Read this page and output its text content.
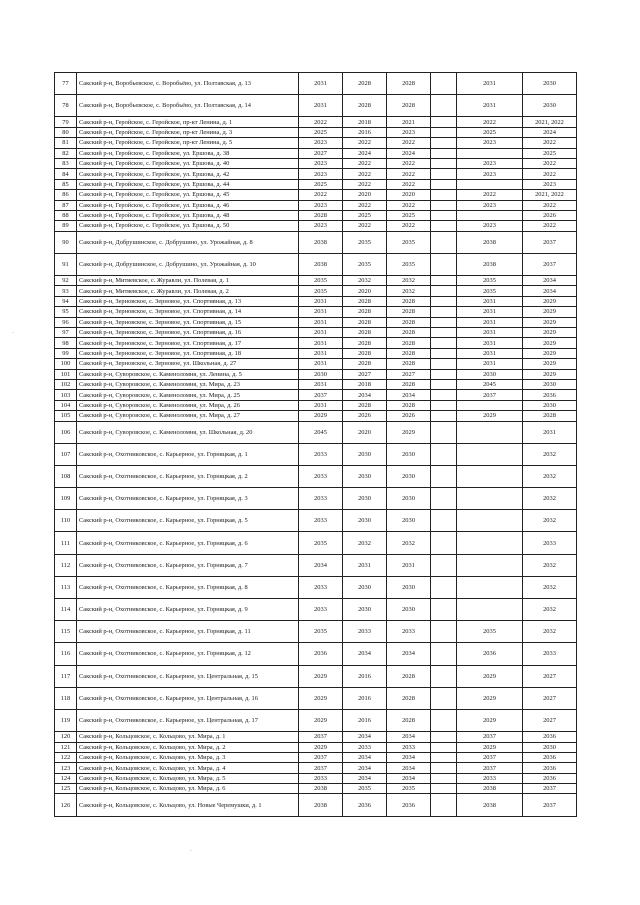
77	Сакский р-н, Воробьевское, с. Воробьёво, ул. Полтавская, д. 13	2031	2028	2028		2031	2030
78	Сакский р-н, Воробьевское, с. Воробьёво, ул. Полтавская, д. 14	2031	2028	2028		2031	2030
79	Сакский р-н, Геройское, с. Геройское, пр-кт Ленина, д. 1	2022	2018	2021		2022	2021, 2022
80	Сакский р-н, Геройское, с. Геройское, пр-кт Ленина, д. 3	2025	2016	2023		2025	2024
81	Сакский р-н, Геройское, с. Геройское, пр-кт Ленина, д. 5	2023	2022	2022		2023	2022
82	Сакский р-н, Геройское, с. Геройское, ул. Ершова, д. 38	2027	2024	2024			2025
83	Сакский р-н, Геройское, с. Геройское, ул. Ершова, д. 40	2023	2022	2022		2023	2022
84	Сакский р-н, Геройское, с. Геройское, ул. Ершова, д. 42	2023	2022	2022		2023	2022
85	Сакский р-н, Геройское, с. Геройское, ул. Ершова, д. 44	2025	2022	2022			2023
86	Сакский р-н, Геройское, с. Геройское, ул. Ершова, д. 45	2022	2020	2020		2022	2021, 2022
87	Сакский р-н, Геройское, с. Геройское, ул. Ершова, д. 46	2023	2022	2022		2023	2022
88	Сакский р-н, Геройское, с. Геройское, ул. Ершова, д. 48	2028	2025	2025			2026
89	Сакский р-н, Геройское, с. Геройское, ул. Ершова, д. 50	2023	2022	2022		2023	2022
90	Сакский р-н, Добрушинское, с. Добрушино, ул. Урожайная, д. 8	2038	2035	2035		2038	2037
91	Сакский р-н, Добрушинское, с. Добрушино, ул. Урожайная, д. 10	2038	2035	2035		2038	2037
92	Сакский р-н, Митяевское, с. Журавли, ул. Полевая, д. 1	2035	2032	2032		2035	2034
93	Сакский р-н, Митяевское, с. Журавли, ул. Полевая, д. 2	2035	2020	2032		2035	2034
94	Сакский р-н, Зерновское, с. Зерновое, ул. Спортивная, д. 13	2031	2028	2028		2031	2029
95	Сакский р-н, Зерновское, с. Зерновое, ул. Спортивная, д. 14	2031	2028	2028		2031	2029
96	Сакский р-н, Зерновское, с. Зерновое, ул. Спортивная, д. 15	2031	2028	2028		2031	2029
97	Сакский р-н, Зерновское, с. Зерновое, ул. Спортивная, д. 16	2031	2028	2028		2031	2029
98	Сакский р-н, Зерновское, с. Зерновое, ул. Спортивная, д. 17	2031	2028	2028		2031	2029
99	Сакский р-н, Зерновское, с. Зерновое, ул. Спортивная, д. 18	2031	2028	2028		2031	2029
100	Сакский р-н, Зерновское, с. Зерновое, ул. Школьная, д. 27	2031	2028	2028		2031	2029
101	Сакский р-н, Суворовское, с. Каменоломня, ул. Ленина, д. 5	2030	2027	2027		2030	2029
102	Сакский р-н, Суворовское, с. Каменоломня, ул. Мира, д. 23	2031	2018	2028		2045	2030
103	Сакский р-н, Суворовское, с. Каменоломня, ул. Мира, д. 25	2037	2034	2034		2037	2036
104	Сакский р-н, Суворовское, с. Каменоломня, ул. Мира, д. 26	2031	2028	2028			2030
105	Сакский р-н, Суворовское, с. Каменоломня, ул. Мира, д. 27	2029	2026	2026		2029	2028
106	Сакский р-н, Суворовское, с. Каменоломня, ул. Школьная, д. 20	2045	2020	2029			2031
107	Сакский р-н, Охотниковское, с. Карьерное, ул. Горняцкая, д. 1	2033	2030	2030			2032
108	Сакский р-н, Охотниковское, с. Карьерное, ул. Горняцкая, д. 2	2033	2030	2030			2032
109	Сакский р-н, Охотниковское, с. Карьерное, ул. Горняцкая, д. 3	2033	2030	2030			2032
110	Сакский р-н, Охотниковское, с. Карьерное, ул. Горняцкая, д. 5	2033	2030	2030			2032
111	Сакский р-н, Охотниковское, с. Карьерное, ул. Горняцкая, д. 6	2035	2032	2032			2033
112	Сакский р-н, Охотниковское, с. Карьерное, ул. Горняцкая, д. 7	2034	2031	2031			2032
113	Сакский р-н, Охотниковское, с. Карьерное, ул. Горняцкая, д. 8	2033	2030	2030			2032
114	Сакский р-н, Охотниковское, с. Карьерное, ул. Горняцкая, д. 9	2033	2030	2030			2032
115	Сакский р-н, Охотниковское, с. Карьерное, ул. Горняцкая, д. 11	2035	2033	2033		2035	2032
116	Сакский р-н, Охотниковское, с. Карьерное, ул. Горняцкая, д. 12	2036	2034	2034		2036	2033
117	Сакский р-н, Охотниковское, с. Карьерное, ул. Центральная, д. 15	2029	2016	2028		2029	2027
118	Сакский р-н, Охотниковское, с. Карьерное, ул. Центральная, д. 16	2029	2016	2028		2029	2027
119	Сакский р-н, Охотниковское, с. Карьерное, ул. Центральная, д. 17	2029	2016	2028		2029	2027
120	Сакский р-н, Кольцовское, с. Кольцово, ул. Мира, д. 1	2037	2034	2034		2037	2036
121	Сакский р-н, Кольцовское, с. Кольцово, ул. Мира, д. 2	2029	2033	2033		2029	2030
122	Сакский р-н, Кольцовское, с. Кольцово, ул. Мира, д. 3	2037	2034	2034		2037	2036
123	Сакский р-н, Кольцовское, с. Кольцово, ул. Мира, д. 4	2037	2034	2034		2037	2036
124	Сакский р-н, Кольцовское, с. Кольцово, ул. Мира, д. 5	2033	2034	2034		2033	2036
125	Сакский р-н, Кольцовское, с. Кольцово, ул. Мира, д. 6	2038	2035	2035		2038	2037
126	Сакский р-н, Кольцовское, с. Кольцово, ул. Новые Черемушки, д. 1	2038	2036	2036		2038	2037
·
·
